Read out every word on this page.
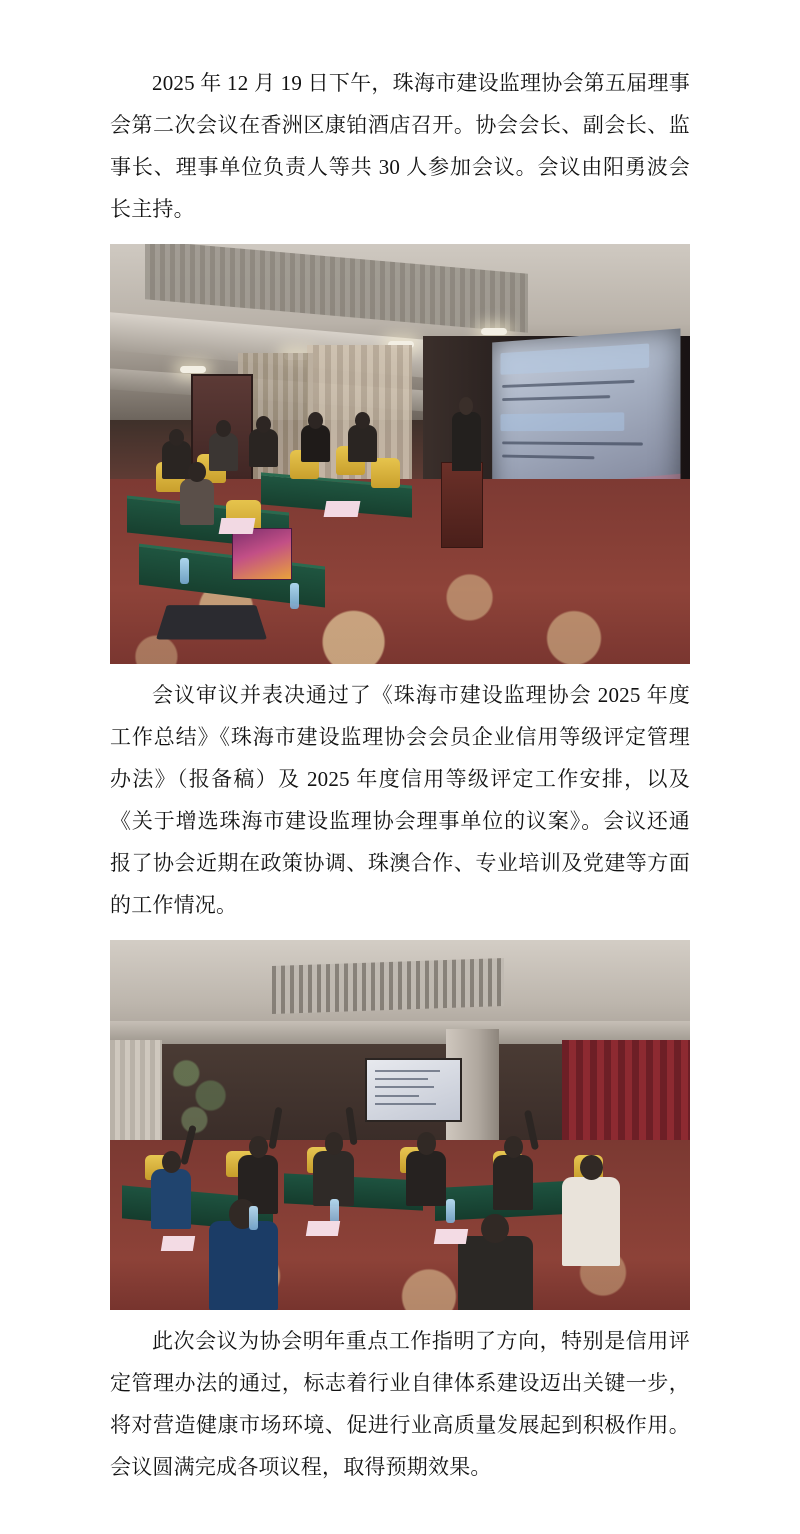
2025 年 12 月 19 日下午，珠海市建设监理协会第五届理事会第二次会议在香洲区康铂酒店召开。协会会长、副会长、监事长、理事单位负责人等共 30 人参加会议。会议由阳勇波会长主持。

会议审议并表决通过了《珠海市建设监理协会 2025 年度工作总结》《珠海市建设监理协会会员企业信用等级评定管理办法》（报备稿）及 2025 年度信用等级评定工作安排，以及《关于增选珠海市建设监理协会理事单位的议案》。会议还通报了协会近期在政策协调、珠澳合作、专业培训及党建等方面的工作情况。

此次会议为协会明年重点工作指明了方向，特别是信用评定管理办法的通过，标志着行业自律体系建设迈出关键一步，将对营造健康市场环境、促进行业高质量发展起到积极作用。会议圆满完成各项议程，取得预期效果。
